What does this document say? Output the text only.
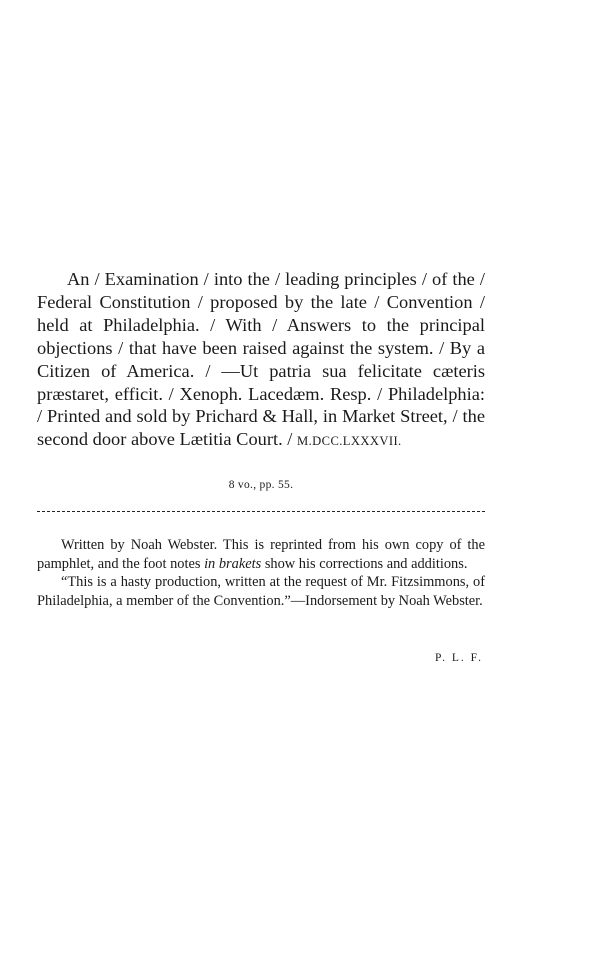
An / Examination / into the / leading principles / of the / Federal Constitution / proposed by the late / Convention / held at Philadelphia. / With / Answers to the principal objections / that have been raised against the system. / By a Citizen of America. / —Ut patria sua felicitate cæteris præstaret, efficit. / Xenoph. Lacedæm. Resp. / Philadelphia: / Printed and sold by Prichard & Hall, in Market Street, / the second door above Lætitia Court. / M.DCC.LXXXVII.

8 vo., pp. 55.

Written by Noah Webster. This is reprinted from his own copy of the pamphlet, and the foot notes in brakets show his corrections and additions.

“This is a hasty production, written at the request of Mr. Fitzsimmons, of Philadelphia, a member of the Convention.”—Indorsement by Noah Webster.

P. L. F.
